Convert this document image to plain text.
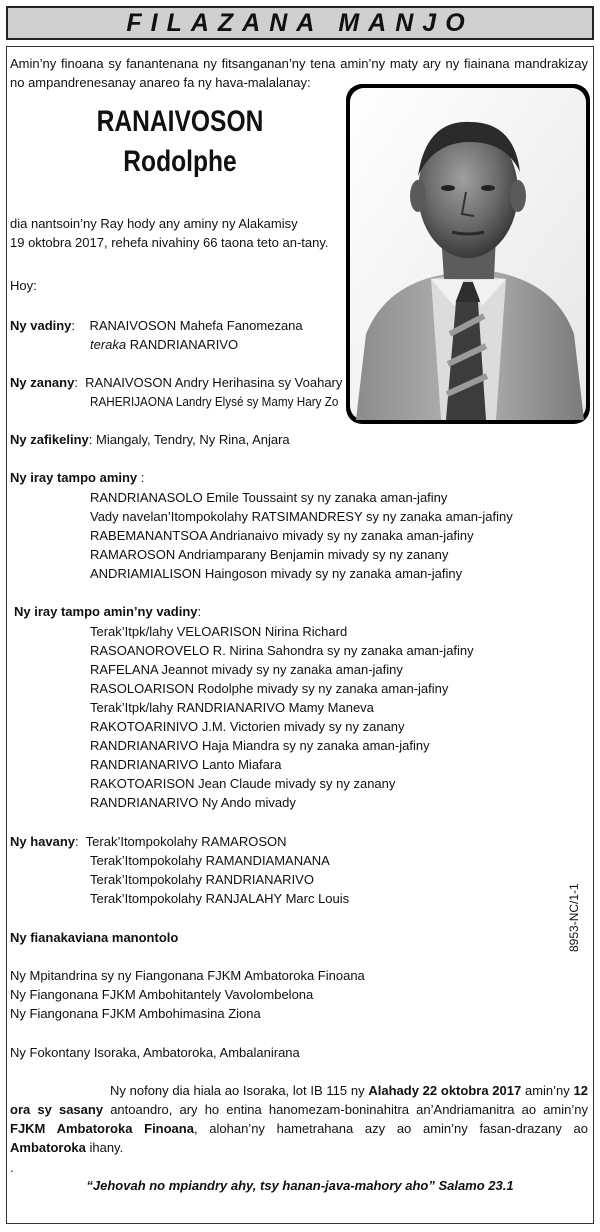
FILAZANA MANJO
Amin’ny finoana sy fanantenana ny fitsanganan’ny tena amin’ny maty ary ny fiainana mandrakizay no ampandrenesanay anareo fa ny hava-malalanay:
RANAIVOSON
Rodolphe
dia nantsoin’ny Ray hody any aminy ny Alakamisy
19 oktobra 2017, rehefa nivahiny 66 taona teto an-tany.
Hoy:
Ny vadiny:    RANAIVOSON Mahefa Fanomezana
teraka RANDRIANARIVO
Ny zanany:  RANAIVOSON Andry Herihasina sy Voahary
RAHERIJAONA Landry Elysé sy Mamy Hary Zo
Ny zafikeliny: Miangaly, Tendry, Ny Rina, Anjara
Ny iray tampo aminy :
RANDRIANASOLO Emile Toussaint sy ny zanaka aman-jafiny
Vady navelan’Itompokolahy RATSIMANDRESY sy ny zanaka aman-jafiny
RABEMANANTSOA Andrianaivo mivady sy ny zanaka aman-jafiny
RAMAROSON Andriamparany Benjamin mivady sy ny zanany
ANDRIAMIALISON Haingoson mivady sy ny zanaka aman-jafiny
Ny iray tampo amin’ny vadiny:
Terak’Itpk/lahy VELOARISON Nirina Richard
RASOANOROVELO R. Nirina Sahondra sy ny zanaka aman-jafiny
RAFELANA Jeannot mivady sy ny zanaka aman-jafiny
RASOLOARISON Rodolphe mivady sy ny zanaka aman-jafiny
Terak’Itpk/lahy RANDRIANARIVO Mamy Maneva
RAKOTOARINIVO J.M. Victorien mivady sy ny zanany
RANDRIANARIVO Haja Miandra sy ny zanaka aman-jafiny
RANDRIANARIVO Lanto Miafara
RAKOTOARISON Jean Claude mivady sy ny zanany
RANDRIANARIVO Ny Ando mivady
Ny havany:  Terak’Itompokolahy RAMAROSON
Terak’Itompokolahy RAMANDIAMANANA
Terak’Itompokolahy RANDRIANARIVO
Terak’Itompokolahy RANJALAHY Marc Louis
Ny fianakaviana manontolo
Ny Mpitandrina sy ny Fiangonana FJKM Ambatoroka Finoana
Ny Fiangonana FJKM Ambohitantely Vavolombelona
Ny Fiangonana FJKM Ambohimasina Ziona
Ny Fokontany Isoraka, Ambatoroka, Ambalanirana
Ny nofony dia hiala ao Isoraka, lot IB 115 ny Alahady 22 oktobra 2017 amin’ny 12 ora sy sasany antoandro, ary ho entina hanomezam-boninahitra an’Andriamanitra ao amin’ny FJKM Ambatoroka Finoana, alohan’ny hametrahana azy ao amin’ny fasan-drazany ao Ambatoroka ihany.
.
“Jehovah no mpiandry ahy, tsy hanan-java-mahory aho” Salamo 23.1
8953-NC/1-1
